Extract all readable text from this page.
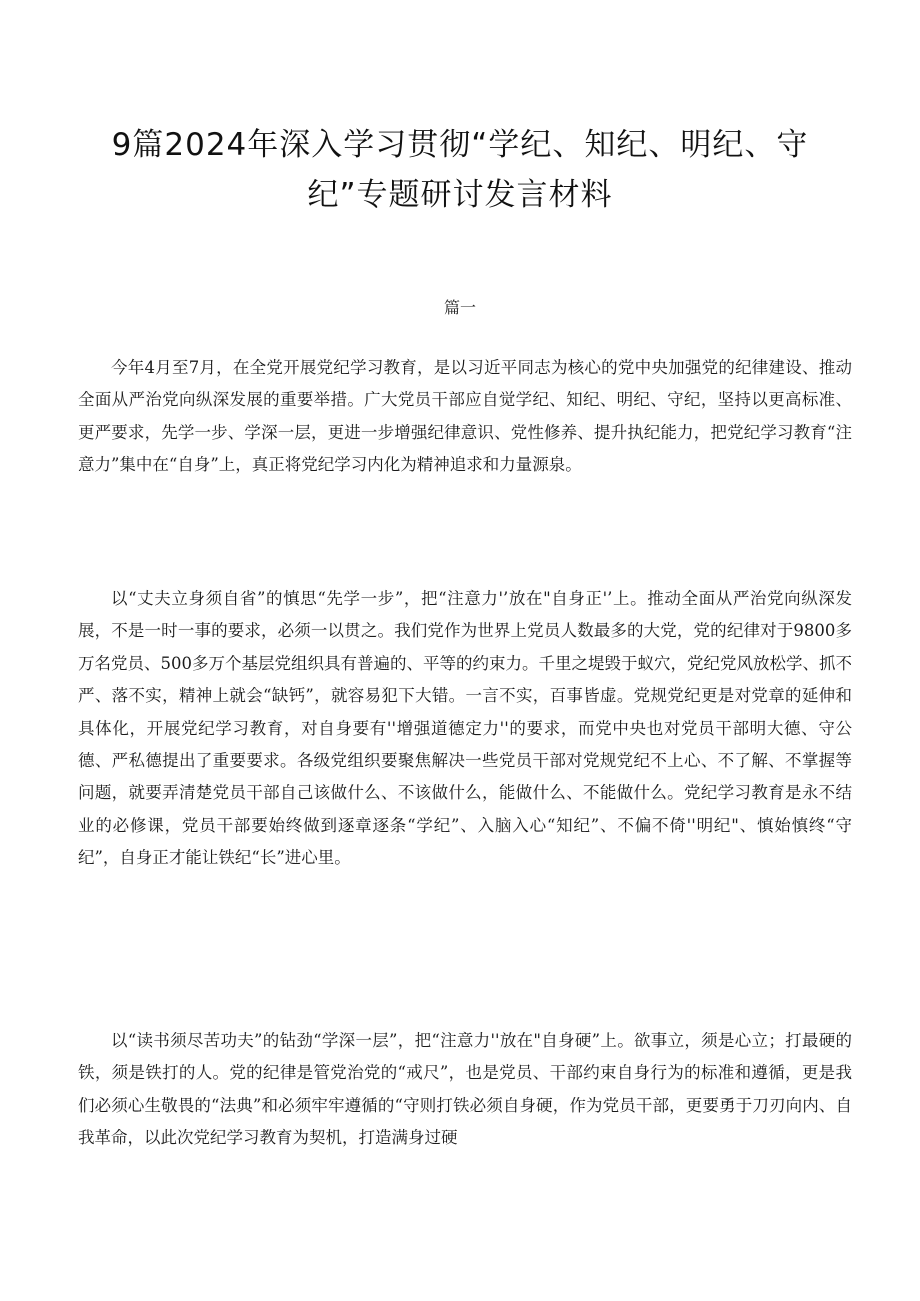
9篇2024年深入学习贯彻“学纪、知纪、明纪、守纪”专题研讨发言材料
篇一

今年4月至7月，在全党开展党纪学习教育，是以习近平同志为核心的党中央加强党的纪律建设、推动全面从严治党向纵深发展的重要举措。广大党员干部应自觉学纪、知纪、明纪、守纪，坚持以更高标准、更严要求，先学一步、学深一层，更进一步增强纪律意识、党性修养、提升执纪能力，把党纪学习教育“注意力”集中在“自身”上，真正将党纪学习内化为精神追求和力量源泉。

以“丈夫立身须自省”的慎思“先学一步”，把“注意力'’放在"自身正'’上。推动全面从严治党向纵深发展，不是一时一事的要求，必须一以贯之。我们党作为世界上党员人数最多的大党，党的纪律对于9800多万名党员、500多万个基层党组织具有普遍的、平等的约束力。千里之堤毁于蚁穴，党纪党风放松学、抓不严、落不实，精神上就会“缺钙”，就容易犯下大错。一言不实，百事皆虚。党规党纪更是对党章的延伸和具体化，开展党纪学习教育，对自身要有''增强道德定力''的要求，而党中央也对党员干部明大德、守公德、严私德提出了重要要求。各级党组织要聚焦解决一些党员干部对党规党纪不上心、不了解、不掌握等问题，就要弄清楚党员干部自己该做什么、不该做什么，能做什么、不能做什么。党纪学习教育是永不结业的必修课，党员干部要始终做到逐章逐条“学纪”、入脑入心“知纪”、不偏不倚''明纪"、慎始慎终“守纪”，自身正才能让铁纪“长”进心里。

以“读书须尽苦功夫”的钻劲“学深一层”，把“注意力''放在"自身硬”上。欲事立，须是心立；打最硬的铁，须是铁打的人。党的纪律是管党治党的“戒尺”，也是党员、干部约束自身行为的标准和遵循，更是我们必须心生敬畏的“法典”和必须牢牢遵循的“守则打铁必须自身硬，作为党员干部，更要勇于刀刃向内、自我革命，以此次党纪学习教育为契机，打造满身过硬
